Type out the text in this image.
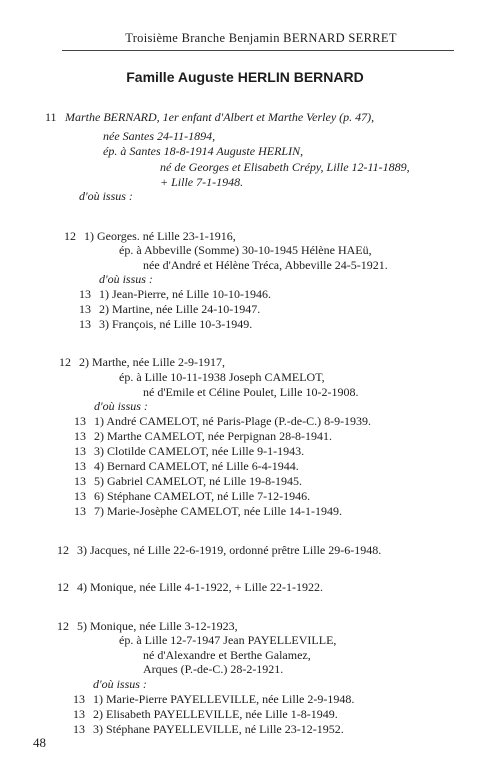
Troisième Branche Benjamin BERNARD SERRET
Famille Auguste HERLIN BERNARD
11 Marthe BERNARD, 1er enfant d'Albert et Marthe Verley (p. 47),
née Santes 24-11-1894,
ép. à Santes 18-8-1914 Auguste HERLIN,
né de Georges et Elisabeth Crépy, Lille 12-11-1889,
+ Lille 7-1-1948.
d'où issus :
12 1) Georges. né Lille 23-1-1916,
ép. à Abbeville (Somme) 30-10-1945 Hélène HAEü,
née d'André et Hélène Tréca, Abbeville 24-5-1921.
d'où issus :
13 1) Jean-Pierre, né Lille 10-10-1946.
13 2) Martine, née Lille 24-10-1947.
13 3) François, né Lille 10-3-1949.
12 2) Marthe, née Lille 2-9-1917,
ép. à Lille 10-11-1938 Joseph CAMELOT,
né d'Emile et Céline Poulet, Lille 10-2-1908.
d'où issus :
13 1) André CAMELOT, né Paris-Plage (P.-de-C.) 8-9-1939.
13 2) Marthe CAMELOT, née Perpignan 28-8-1941.
13 3) Clotilde CAMELOT, née Lille 9-1-1943.
13 4) Bernard CAMELOT, né Lille 6-4-1944.
13 5) Gabriel CAMELOT, né Lille 19-8-1945.
13 6) Stéphane CAMELOT, né Lille 7-12-1946.
13 7) Marie-Josèphe CAMELOT, née Lille 14-1-1949.
12 3) Jacques, né Lille 22-6-1919, ordonné prêtre Lille 29-6-1948.
12 4) Monique, née Lille 4-1-1922, + Lille 22-1-1922.
12 5) Monique, née Lille 3-12-1923,
ép. à Lille 12-7-1947 Jean PAYELLEVILLE,
né d'Alexandre et Berthe Galamez,
Arques (P.-de-C.) 28-2-1921.
d'où issus :
13 1) Marie-Pierre PAYELLEVILLE, née Lille 2-9-1948.
13 2) Elisabeth PAYELLEVILLE, née Lille 1-8-1949.
13 3) Stéphane PAYELLEVILLE, né Lille 23-12-1952.
48
